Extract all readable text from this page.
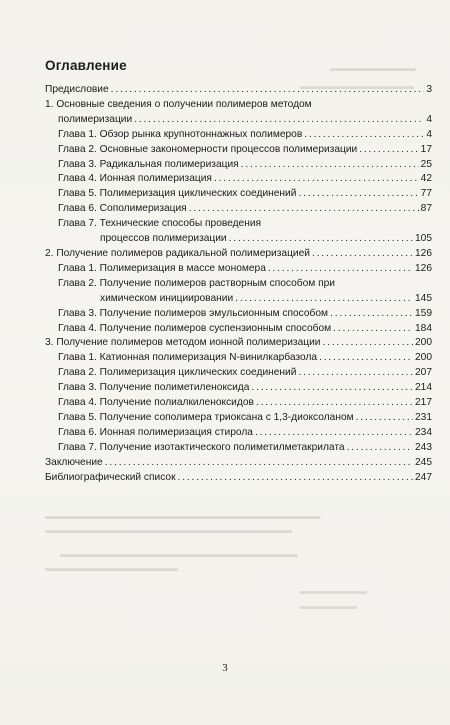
▬▬▬▬▬▬▬▬▬
▬▬▬▬▬▬▬▬▬▬▬▬
▬▬▬▬▬▬▬▬▬▬▬▬▬▬▬▬▬▬▬▬▬▬▬▬▬▬▬▬▬
▬▬▬▬▬▬▬▬▬▬▬▬▬▬▬▬▬▬▬▬▬▬▬▬▬▬
▬▬▬▬▬▬▬▬▬▬▬▬▬▬▬▬▬▬▬▬▬▬▬▬▬
▬▬▬▬▬▬▬▬▬▬▬▬▬▬
▬▬▬▬▬▬▬
▬▬▬▬▬▬
Оглавление
Предисловие . . .	3
1. Основные сведения о получении полимеров методом
полимеризации . . .	4
Глава 1. Обзор рынка крупнотоннажных полимеров . . .	4
Глава 2. Основные закономерности процессов полимеризации . . .	17
Глава 3. Радикальная полимеризация . . .	25
Глава 4. Ионная полимеризация . . .	42
Глава 5. Полимеризация циклических соединений . . .	77
Глава 6. Сополимеризация . . .	87
Глава 7. Технические способы проведения
процессов полимеризации . . .	105
2. Получение полимеров радикальной полимеризацией . . .	126
Глава 1. Полимеризация в массе мономера . . .	126
Глава 2. Получение полимеров растворным способом при
химическом инициировании . . .	145
Глава 3. Получение полимеров эмульсионным способом . . .	159
Глава 4. Получение полимеров суспензионным способом . . .	184
3. Получение полимеров методом ионной полимеризации . . .	200
Глава 1. Катионная полимеризация N-винилкарбазола . . .	200
Глава 2. Полимеризация циклических соединений . . .	207
Глава 3. Получение полиметиленоксида . . .	214
Глава 4. Получение полиалкиленоксидов . . .	217
Глава 5. Получение сополимера триоксана с 1,3-диоксоланом . . .	231
Глава 6. Ионная полимеризация стирола . . .	234
Глава 7. Получение изотактического полиметилметакрилата . . .	243
Заключение . . .	245
Библиографический список . . .	247
3
